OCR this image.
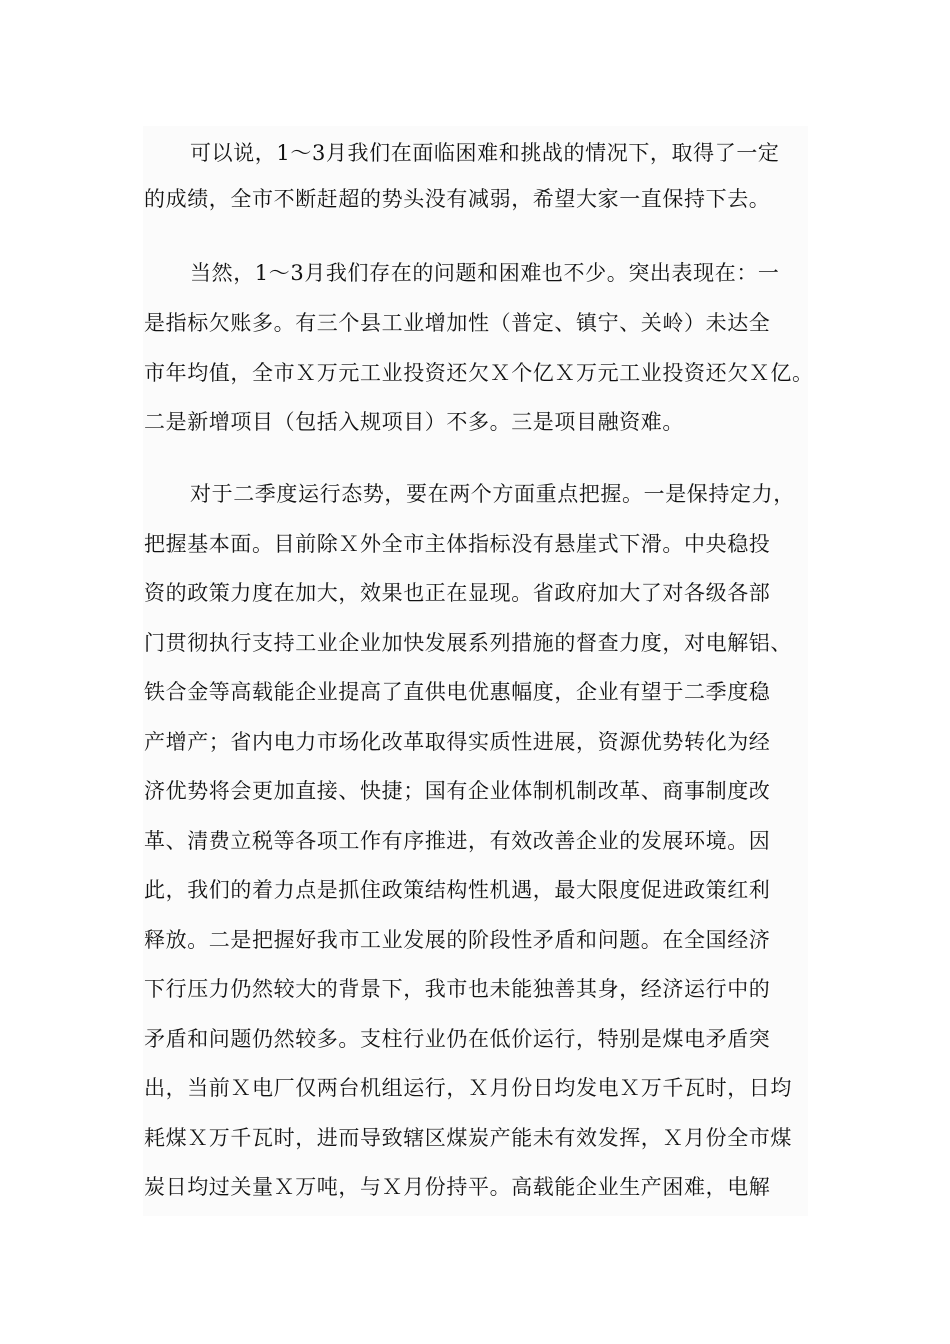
可以说，1～3月我们在面临困难和挑战的情况下，取得了一定
的成绩，全市不断赶超的势头没有减弱，希望大家一直保持下去。
当然，1～3月我们存在的问题和困难也不少。突出表现在：一
是指标欠账多。有三个县工业增加性（普定、镇宁、关岭）未达全
市年均值，全市Ｘ万元工业投资还欠Ｘ个亿Ｘ万元工业投资还欠Ｘ亿。
二是新增项目（包括入规项目）不多。三是项目融资难。
对于二季度运行态势，要在两个方面重点把握。一是保持定力，
把握基本面。目前除Ｘ外全市主体指标没有悬崖式下滑。中央稳投
资的政策力度在加大，效果也正在显现。省政府加大了对各级各部
门贯彻执行支持工业企业加快发展系列措施的督查力度，对电解铝、
铁合金等高载能企业提高了直供电优惠幅度，企业有望于二季度稳
产增产；省内电力市场化改革取得实质性进展，资源优势转化为经
济优势将会更加直接、快捷；国有企业体制机制改革、商事制度改
革、清费立税等各项工作有序推进，有效改善企业的发展环境。因
此，我们的着力点是抓住政策结构性机遇，最大限度促进政策红利
释放。二是把握好我市工业发展的阶段性矛盾和问题。在全国经济
下行压力仍然较大的背景下，我市也未能独善其身，经济运行中的
矛盾和问题仍然较多。支柱行业仍在低价运行，特别是煤电矛盾突
出，当前Ｘ电厂仅两台机组运行，Ｘ月份日均发电Ｘ万千瓦时，日均
耗煤Ｘ万千瓦时，进而导致辖区煤炭产能未有效发挥，Ｘ月份全市煤
炭日均过关量Ｘ万吨，与Ｘ月份持平。高载能企业生产困难，电解
